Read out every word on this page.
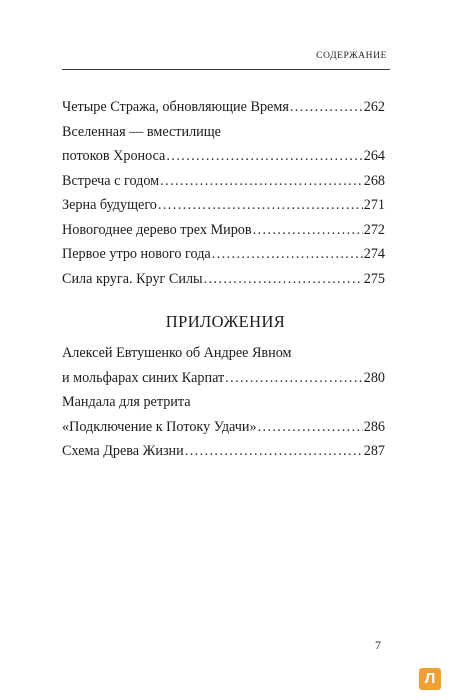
СОДЕРЖАНИЕ
Четыре Стража, обновляющие Время .....	262
Вселенная — вместилище
потоков Хроноса .....	264
Встреча с годом .....	268
Зерна будущего .....	271
Новогоднее дерево трех Миров .....	272
Первое утро нового года .....	274
Сила круга. Круг Силы .....	275
ПРИЛОЖЕНИЯ
Алексей Евтушенко об Андрее Явном
и мольфарах синих Карпат .....	280
Мандала для ретрита
«Подключение к Потоку Удачи» .....	286
Схема Древа Жизни .....	287
7
Л
